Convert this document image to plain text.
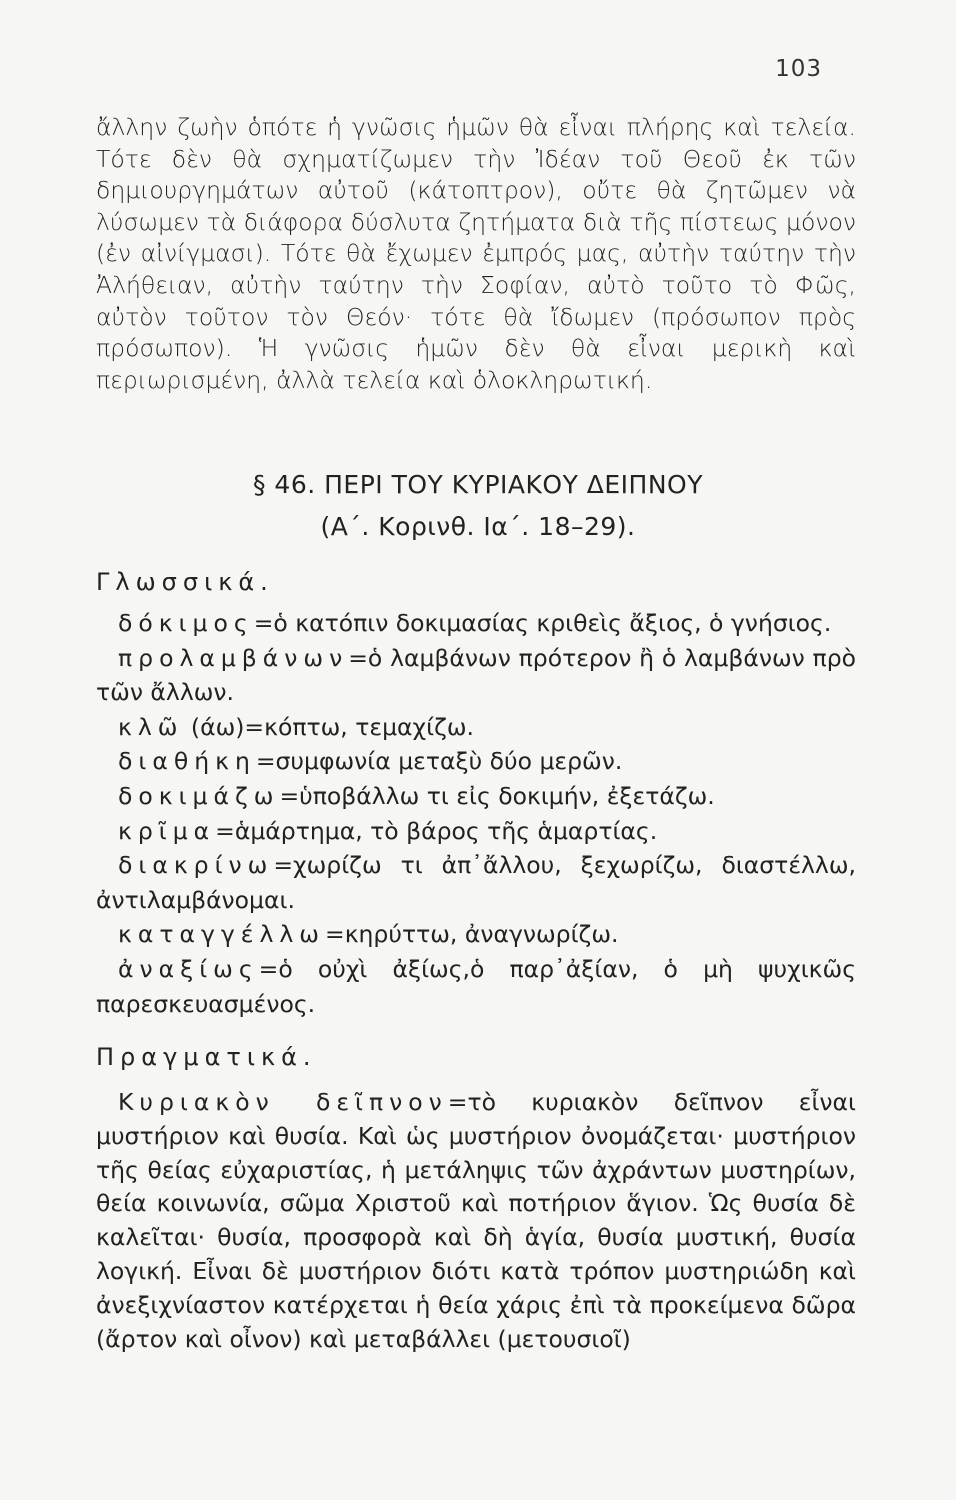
103

ἄλλην ζωὴν ὁπότε ἡ γνῶσις ἡμῶν θὰ εἶναι πλήρης καὶ τελεία. Τότε δὲν θὰ σχηματίζωμεν τὴν Ἰδέαν τοῦ Θεοῦ ἐκ τῶν δημιουργημάτων αὐτοῦ (κάτοπτρον), οὔτε θὰ ζητῶμεν νὰ λύσωμεν τὰ διάφορα δύσλυτα ζητήματα διὰ τῆς πίστεως μόνον (ἐν αἰνίγμασι). Τότε θὰ ἔχωμεν ἐμπρός μας, αὐτὴν ταύτην τὴν Ἀλήθειαν, αὐτὴν ταύτην τὴν Σοφίαν, αὐτὸ τοῦτο τὸ Φῶς, αὐτὸν τοῦτον τὸν Θεόν· τότε θὰ ἴδωμεν (πρόσωπον πρὸς πρόσωπον). Ἡ γνῶσις ἡμῶν δὲν θὰ εἶναι μερικὴ καὶ περιωρισμένη, ἀλλὰ τελεία καὶ ὁλοκληρωτική.

§ 46. ΠΕΡΙ ΤΟΥ ΚΥΡΙΑΚΟΥ ΔΕΙΠΝΟΥ
(Α΄. Κορινθ. Ια΄. 18–29).
Γλωσσικά.

δόκιμος=ὁ κατόπιν δοκιμασίας κριθεὶς ἄξιος, ὁ γνήσιος.

προλαμβάνων=ὁ λαμβάνων πρότερον ἢ ὁ λαμβάνων πρὸ τῶν ἄλλων.

κλῶ (άω)=κόπτω, τεμαχίζω.

διαθήκη=συμφωνία μεταξὺ δύο μερῶν.

δοκιμάζω=ὑποβάλλω τι εἰς δοκιμήν, ἐξετάζω.

κρῖμα=ἁμάρτημα, τὸ βάρος τῆς ἁμαρτίας.

διακρίνω=χωρίζω τι ἀπ᾽ἄλλου, ξεχωρίζω, διαστέλλω, ἀντιλαμβάνομαι.

καταγγέλλω=κηρύττω, ἀναγνωρίζω.

ἀναξίως=ὁ οὐχὶ ἀξίως,ὁ παρ᾽ἀξίαν, ὁ μὴ ψυχικῶς παρεσκευασμένος.

Πραγματικά.

Κυριακὸν δεῖπνον=τὸ κυριακὸν δεῖπνον εἶναι μυστήριον καὶ θυσία. Καὶ ὡς μυστήριον ὀνομάζεται· μυστήριον τῆς θείας εὐχαριστίας, ἡ μετάληψις τῶν ἀχράντων μυστηρίων, θεία κοινωνία, σῶμα Χριστοῦ καὶ ποτήριον ἅγιον. Ὡς θυσία δὲ καλεῖται· θυσία, προσφορὰ καὶ δὴ ἁγία, θυσία μυστική, θυσία λογική. Εἶναι δὲ μυστήριον διότι κατὰ τρόπον μυστηριώδη καὶ ἀνεξιχνίαστον κατέρχεται ἡ θεία χάρις ἐπὶ τὰ προκείμενα δῶρα (ἄρτον καὶ οἶνον) καὶ μεταβάλλει (μετουσιοῖ)
